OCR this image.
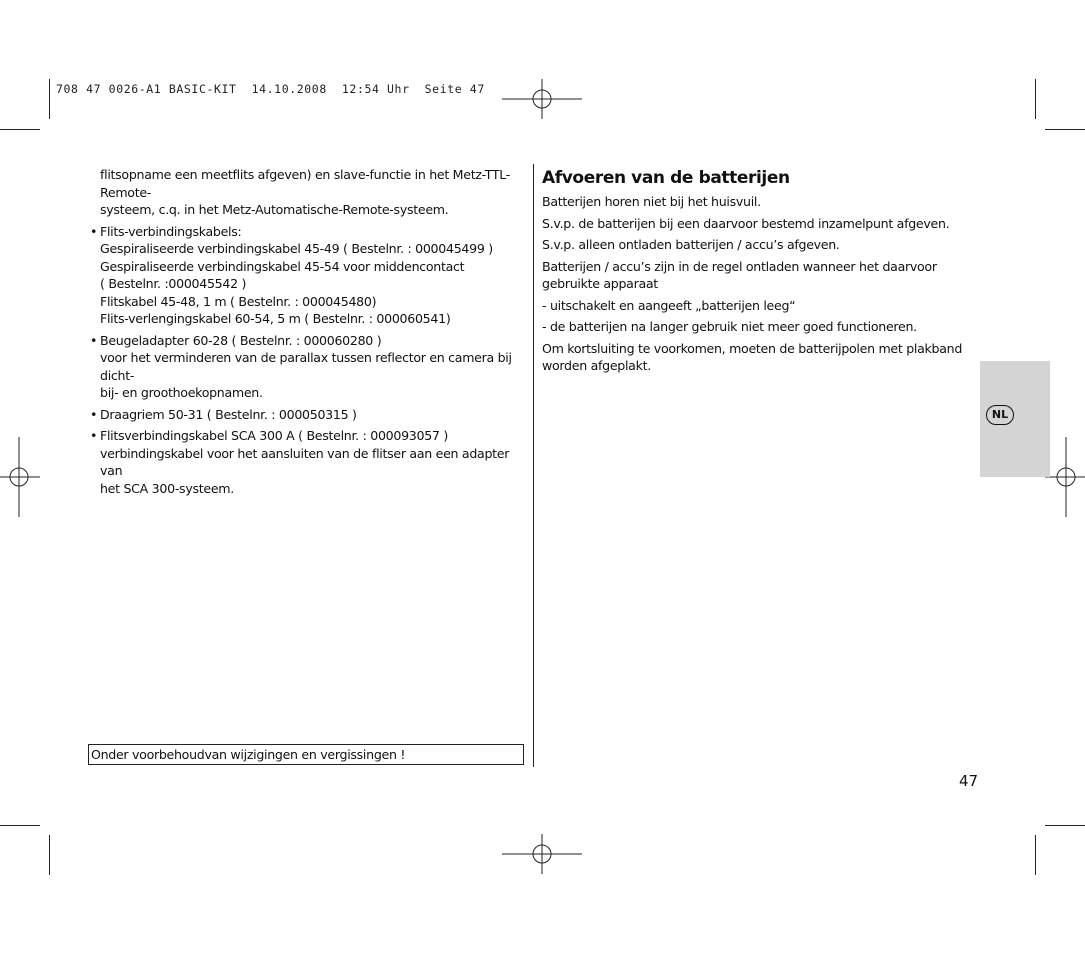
708 47 0026-A1 BASIC-KIT  14.10.2008  12:54 Uhr  Seite 47

flitsopname een meetflits afgeven) en slave-functie in het Metz-TTL-Remote-
systeem, c.q. in het Metz-Automatische-Remote-systeem.

• Flits-verbindingskabels:
Gespiraliseerde verbindingskabel 45-49 ( Bestelnr. : 000045499 )
Gespiraliseerde verbindingskabel 45-54 voor middencontact
( Bestelnr. :000045542 )
Flitskabel 45-48, 1 m ( Bestelnr. : 000045480)
Flits-verlengingskabel 60-54, 5 m ( Bestelnr. : 000060541)
• Beugeladapter 60-28 ( Bestelnr. : 000060280 )
voor het verminderen van de parallax tussen reflector en camera bij dicht-
bij- en groothoekopnamen.
• Draagriem 50-31 ( Bestelnr. : 000050315 )
• Flitsverbindingskabel SCA 300 A ( Bestelnr. : 000093057 )
verbindingskabel voor het aansluiten van de flitser aan een adapter van
het SCA 300-systeem.
Onder voorbehoudvan wijzigingen en vergissingen !
Afvoeren van de batterijen

Batterijen horen niet bij het huisvuil.

S.v.p. de batterijen bij een daarvoor bestemd inzamelpunt afgeven.

S.v.p. alleen ontladen batterijen / accu’s afgeven.

Batterijen / accu’s zijn in de regel ontladen wanneer het daarvoor gebruikte apparaat

- uitschakelt en aangeeft „batterijen leeg“

- de batterijen na langer gebruik niet meer goed functioneren.

Om kortsluiting te voorkomen, moeten de batterijpolen met plakband worden afgeplakt.

NL
47
